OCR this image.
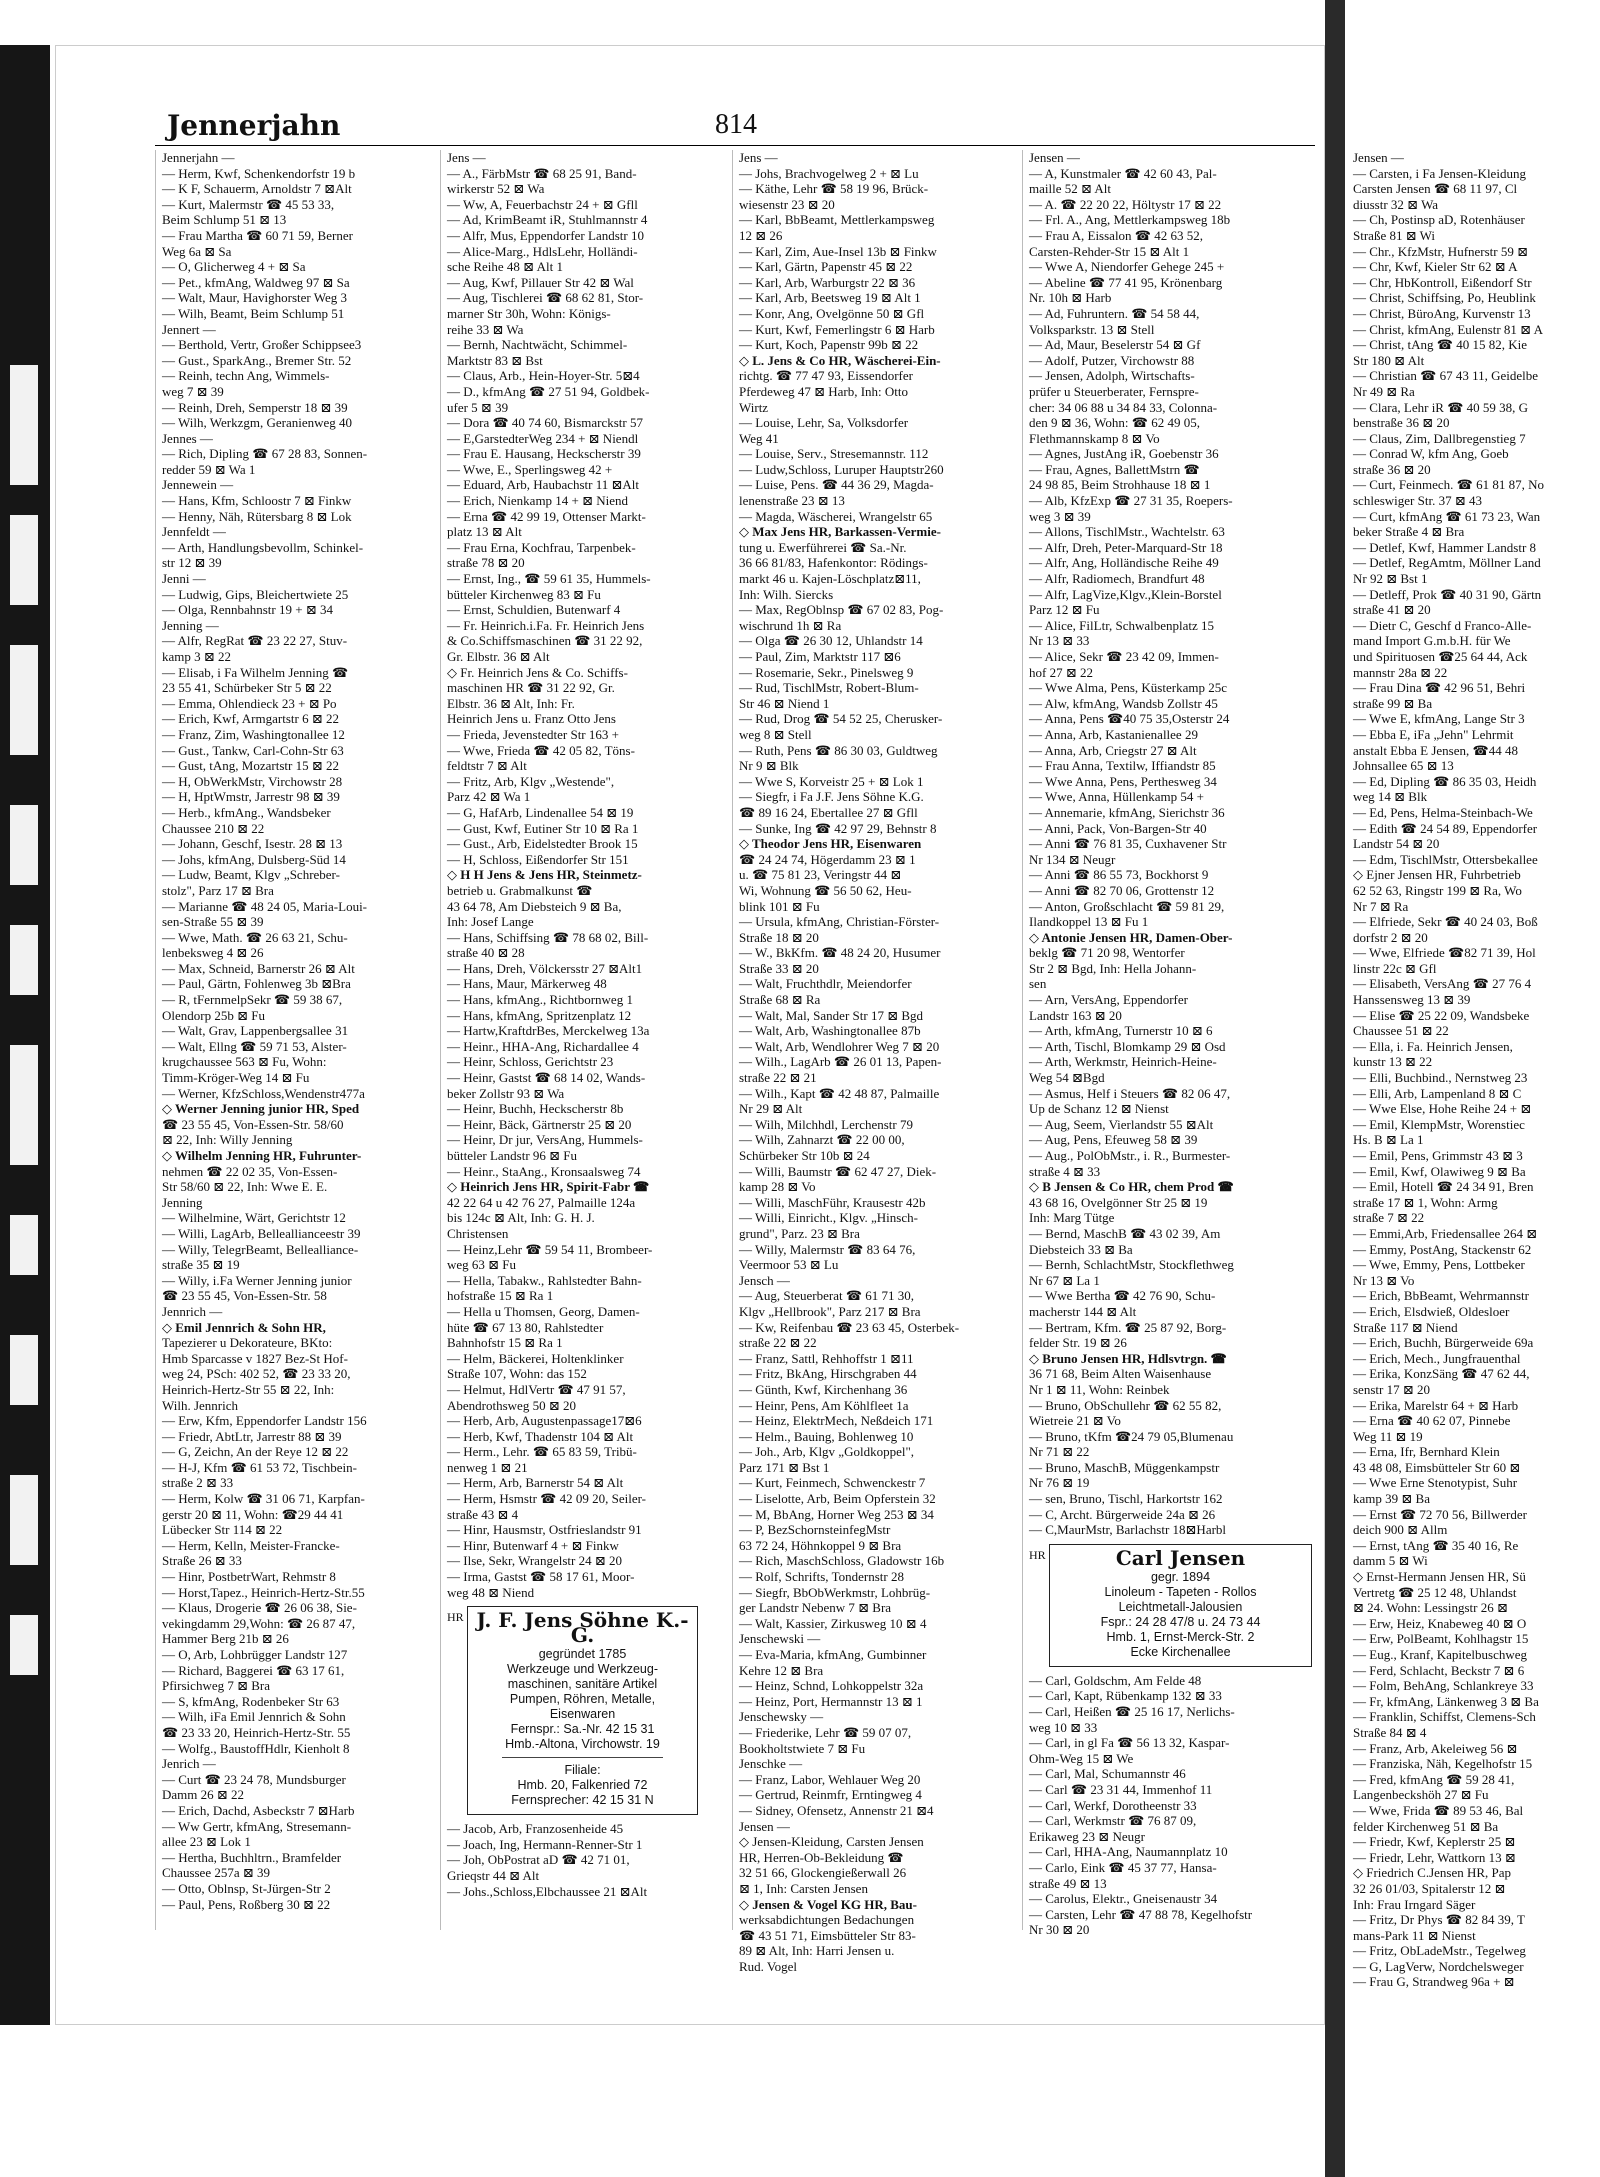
Jennerjahn	814

Jennerjahn —

— Herm, Kwf, Schenkendorfstr 19 b

— K F, Schauerm, Arnoldstr 7 ⊠Alt

— Kurt, Malermstr ☎ 45 53 33,

Beim Schlump 51 ⊠ 13

— Frau Martha ☎ 60 71 59, Berner

Weg 6a ⊠ Sa

— O, Glicherweg 4 + ⊠ Sa

— Pet., kfmAng, Waldweg 97 ⊠ Sa

— Walt, Maur, Havighorster Weg 3

— Wilh, Beamt, Beim Schlump 51

Jennert —

— Berthold, Vertr, Großer Schippsee3

— Gust., SparkAng., Bremer Str. 52

— Reinh, techn Ang, Wimmels-

weg 7 ⊠ 39

— Reinh, Dreh, Semperstr 18 ⊠ 39

— Wilh, Werkzgm, Geranienweg 40

Jennes —

— Rich, Dipling ☎ 67 28 83, Sonnen-

redder 59 ⊠ Wa 1

Jennewein —

— Hans, Kfm, Schloostr 7 ⊠ Finkw

— Henny, Näh, Rütersbarg 8 ⊠ Lok

Jennfeldt —

— Arth, Handlungsbevollm, Schinkel-

str 12 ⊠ 39

Jenni —

— Ludwig, Gips, Bleichertwiete 25

— Olga, Rennbahnstr 19 + ⊠ 34

Jenning —

— Alfr, RegRat ☎ 23 22 27, Stuv-

kamp 3 ⊠ 22

— Elisab, i Fa Wilhelm Jenning ☎

23 55 41, Schürbeker Str 5 ⊠ 22

— Emma, Ohlendieck 23 + ⊠ Po

— Erich, Kwf, Armgartstr 6 ⊠ 22

— Franz, Zim, Washingtonallee 12

— Gust., Tankw, Carl-Cohn-Str 63

— Gust, tAng, Mozartstr 15 ⊠ 22

— H, ObWerkMstr, Virchowstr 28

— H, HptWmstr, Jarrestr 98 ⊠ 39

— Herb., kfmAng., Wandsbeker

Chaussee 210 ⊠ 22

— Johann, Geschf, Isestr. 28 ⊠ 13

— Johs, kfmAng, Dulsberg-Süd 14

— Ludw, Beamt, Klgv „Schreber-

stolz", Parz 17 ⊠ Bra

— Marianne ☎ 48 24 05, Maria-Loui-

sen-Straße 55 ⊠ 39

— Wwe, Math. ☎ 26 63 21, Schu-

lenbeksweg 4 ⊠ 26

— Max, Schneid, Barnerstr 26 ⊠ Alt

— Paul, Gärtn, Fohlenweg 3b ⊠Bra

— R, tFernmelpSekr ☎ 59 38 67,

Olendorp 25b ⊠ Fu

— Walt, Grav, Lappenbergsallee 31

— Walt, Ellng ☎ 59 71 53, Alster-

krugchaussee 563 ⊠ Fu, Wohn:

Timm-Kröger-Weg 14 ⊠ Fu

— Werner, KfzSchloss,Wendenstr477a

◇ Werner Jenning junior HR, Sped

☎ 23 55 45, Von-Essen-Str. 58/60

⊠ 22, Inh: Willy Jenning

◇ Wilhelm Jenning HR, Fuhrunter-

nehmen ☎ 22 02 35, Von-Essen-

Str 58/60 ⊠ 22, Inh: Wwe E. E.

Jenning

— Wilhelmine, Wärt, Gerichtstr 12

— Willi, LagArb, Belleallianceestr 39

— Willy, TelegrBeamt, Bellealliance-

straße 35 ⊠ 19

— Willy, i.Fa Werner Jenning junior

☎ 23 55 45, Von-Essen-Str. 58

Jennrich —

◇ Emil Jennrich & Sohn HR,

Tapezierer u Dekorateure, BKto:

Hmb Sparcasse v 1827 Bez-St Hof-

weg 24, PSch: 402 52, ☎ 23 33 20,

Heinrich-Hertz-Str 55 ⊠ 22, Inh:

Wilh. Jennrich

— Erw, Kfm, Eppendorfer Landstr 156

— Friedr, AbtLtr, Jarrestr 88 ⊠ 39

— G, Zeichn, An der Reye 12 ⊠ 22

— H-J, Kfm ☎ 61 53 72, Tischbein-

straße 2 ⊠ 33

— Herm, Kolw ☎ 31 06 71, Karpfan-

gerstr 20 ⊠ 11, Wohn: ☎29 44 41

Lübecker Str 114 ⊠ 22

— Herm, Kelln, Meister-Francke-

Straße 26 ⊠ 33

— Hinr, PostbetrWart, Rehmstr 8

— Horst,Tapez., Heinrich-Hertz-Str.55

— Klaus, Drogerie ☎ 26 06 38, Sie-

vekingdamm 29,Wohn: ☎ 26 87 47,

Hammer Berg 21b ⊠ 26

— O, Arb, Lohbrügger Landstr 127

— Richard, Baggerei ☎ 63 17 61,

Pfirsichweg 7 ⊠ Bra

— S, kfmAng, Rodenbeker Str 63

— Wilh, iFa Emil Jennrich & Sohn

☎ 23 33 20, Heinrich-Hertz-Str. 55

— Wolfg., BaustoffHdlr, Kienholt 8

Jenrich —

— Curt ☎ 23 24 78, Mundsburger

Damm 26 ⊠ 22

— Erich, Dachd, Asbeckstr 7 ⊠Harb

— Ww Gertr, kfmAng, Stresemann-

allee 23 ⊠ Lok 1

— Hertha, Buchhltrn., Bramfelder

Chaussee 257a ⊠ 39

— Otto, Oblnsp, St-Jürgen-Str 2

— Paul, Pens, Roßberg 30 ⊠ 22

Jens —

— A., FärbMstr ☎ 68 25 91, Band-

wirkerstr 52 ⊠ Wa

— Ww, A, Feuerbachstr 24 + ⊠ Gfll

— Ad, KrimBeamt iR, Stuhlmannstr 4

— Alfr, Mus, Eppendorfer Landstr 10

— Alice-Marg., HdlsLehr, Holländi-

sche Reihe 48 ⊠ Alt 1

— Aug, Kwf, Pillauer Str 42 ⊠ Wal

— Aug, Tischlerei ☎ 68 62 81, Stor-

marner Str 30h, Wohn: Königs-

reihe 33 ⊠ Wa

— Bernh, Nachtwächt, Schimmel-

Marktstr 83 ⊠ Bst

— Claus, Arb., Hein-Hoyer-Str. 5⊠4

— D., kfmAng ☎ 27 51 94, Goldbek-

ufer 5 ⊠ 39

— Dora ☎ 40 74 60, Bismarckstr 57

— E,GarstedterWeg 234 + ⊠ Niendl

— Frau E. Hausang, Heckscherstr 39

— Wwe, E., Sperlingsweg 42 +

— Eduard, Arb, Haubachstr 11 ⊠Alt

— Erich, Nienkamp 14 + ⊠ Niend

— Erna ☎ 42 99 19, Ottenser Markt-

platz 13 ⊠ Alt

— Frau Erna, Kochfrau, Tarpenbek-

straße 78 ⊠ 20

— Ernst, Ing., ☎ 59 61 35, Hummels-

bütteler Kirchenweg 83 ⊠ Fu

— Ernst, Schuldien, Butenwarf 4

— Fr. Heinrich.i.Fa. Fr. Heinrich Jens

& Co.Schiffsmaschinen ☎ 31 22 92,

Gr. Elbstr. 36 ⊠ Alt

◇ Fr. Heinrich Jens & Co. Schiffs-

maschinen HR ☎ 31 22 92, Gr.

Elbstr. 36 ⊠ Alt, Inh: Fr.

Heinrich Jens u. Franz Otto Jens

— Frieda, Jevenstedter Str 163 +

— Wwe, Frieda ☎ 42 05 82, Töns-

feldtstr 7 ⊠ Alt

— Fritz, Arb, Klgv „Westende",

Parz 42 ⊠ Wa 1

— G, HafArb, Lindenallee 54 ⊠ 19

— Gust, Kwf, Eutiner Str 10 ⊠ Ra 1

— Gust., Arb, Eidelstedter Brook 15

— H, Schloss, Eißendorfer Str 151

◇ H H Jens & Jens HR, Steinmetz-

betrieb u. Grabmalkunst ☎

43 64 78, Am Diebsteich 9 ⊠ Ba,

Inh: Josef Lange

— Hans, Schiffsing ☎ 78 68 02, Bill-

straße 40 ⊠ 28

— Hans, Dreh, Völckersstr 27 ⊠Alt1

— Hans, Maur, Märkerweg 48

— Hans, kfmAng., Richtbornweg 1

— Hans, kfmAng, Spritzenplatz 12

— Hartw,KraftdrBes, Merckelweg 13a

— Heinr., HHA-Ang, Richardallee 4

— Heinr, Schloss, Gerichtstr 23

— Heinr, Gastst ☎ 68 14 02, Wands-

beker Zollstr 93 ⊠ Wa

— Heinr, Buchh, Heckscherstr 8b

— Heinr, Bäck, Gärtnerstr 25 ⊠ 20

— Heinr, Dr jur, VersAng, Hummels-

bütteler Landstr 96 ⊠ Fu

— Heinr., StaAng., Kronsaalsweg 74

◇ Heinrich Jens HR, Spirit-Fabr ☎

42 22 64 u 42 76 27, Palmaille 124a

bis 124c ⊠ Alt, Inh: G. H. J.

Christensen

— Heinz,Lehr ☎ 59 54 11, Brombeer-

weg 63 ⊠ Fu

— Hella, Tabakw., Rahlstedter Bahn-

hofstraße 15 ⊠ Ra 1

— Hella u Thomsen, Georg, Damen-

hüte ☎ 67 13 80, Rahlstedter

Bahnhofstr 15 ⊠ Ra 1

— Helm, Bäckerei, Holtenklinker

Straße 107, Wohn: das 152

— Helmut, HdlVertr ☎ 47 91 57,

Abendrothsweg 50 ⊠ 20

— Herb, Arb, Augustenpassage17⊠6

— Herb, Kwf, Thadenstr 104 ⊠ Alt

— Herm., Lehr. ☎ 65 83 59, Tribü-

nenweg 1 ⊠ 21

— Herm, Arb, Barnerstr 54 ⊠ Alt

— Herm, Hsmstr ☎ 42 09 20, Seiler-

straße 43 ⊠ 4

— Hinr, Hausmstr, Ostfrieslandstr 91

— Hinr, Butenwarf 4 + ⊠ Finkw

— Ilse, Sekr, Wrangelstr 24 ⊠ 20

— Irma, Gastst ☎ 58 17 61, Moor-

weg 48 ⊠ Niend

HR J. F. Jens Söhne K.-G.
gegründet 1785
Werkzeuge und Werkzeug-
maschinen, sanitäre Artikel
Pumpen, Röhren, Metalle,
Eisenwaren
Fernspr.: Sa.-Nr. 42 15 31
Hmb.-Altona, Virchowstr. 19
Filiale:
Hmb. 20, Falkenried 72
Fernsprecher: 42 15 31 N

— Jacob, Arb, Franzosenheide 45

— Joach, Ing, Hermann-Renner-Str 1

— Joh, ObPostrat aD ☎ 42 71 01,

Grieqstr 44 ⊠ Alt

— Johs.,Schloss,Elbchaussee 21 ⊠Alt

Jens —

— Johs, Brachvogelweg 2 + ⊠ Lu

— Käthe, Lehr ☎ 58 19 96, Brück-

wiesenstr 23 ⊠ 20

— Karl, BbBeamt, Mettlerkampsweg

12 ⊠ 26

— Karl, Zim, Aue-Insel 13b ⊠ Finkw

— Karl, Gärtn, Papenstr 45 ⊠ 22

— Karl, Arb, Warburgstr 22 ⊠ 36

— Karl, Arb, Beetsweg 19 ⊠ Alt 1

— Konr, Ang, Ovelgönne 50 ⊠ Gfl

— Kurt, Kwf, Femerlingstr 6 ⊠ Harb

— Kurt, Koch, Papenstr 99b ⊠ 22

◇ L. Jens & Co HR, Wäscherei-Ein-

richtg. ☎ 77 47 93, Eissendorfer

Pferdeweg 47 ⊠ Harb, Inh: Otto

Wirtz

— Louise, Lehr, Sa, Volksdorfer

Weg 41

— Louise, Serv., Stresemannstr. 112

— Ludw,Schloss, Luruper Hauptstr260

— Luise, Pens. ☎ 44 36 29, Magda-

lenenstraße 23 ⊠ 13

— Magda, Wäscherei, Wrangelstr 65

◇ Max Jens HR, Barkassen-Vermie-

tung u. Ewerführerei ☎ Sa.-Nr.

36 66 81/83, Hafenkontor: Rödings-

markt 46 u. Kajen-Löschplatz⊠11,

Inh: Wilh. Siercks

— Max, RegOblnsp ☎ 67 02 83, Pog-

wischrund 1h ⊠ Ra

— Olga ☎ 26 30 12, Uhlandstr 14

— Paul, Zim, Marktstr 117 ⊠6

— Rosemarie, Sekr., Pinelsweg 9

— Rud, TischlMstr, Robert-Blum-

Str 46 ⊠ Niend 1

— Rud, Drog ☎ 54 52 25, Cherusker-

weg 8 ⊠ Stell

— Ruth, Pens ☎ 86 30 03, Guldtweg

Nr 9 ⊠ Blk

— Wwe S, Korveistr 25 + ⊠ Lok 1

— Siegfr, i Fa J.F. Jens Söhne K.G.

☎ 89 16 24, Ebertallee 27 ⊠ Gfll

— Sunke, Ing ☎ 42 97 29, Behnstr 8

◇ Theodor Jens HR, Eisenwaren

☎ 24 24 74, Högerdamm 23 ⊠ 1

u. ☎ 75 81 23, Veringstr 44 ⊠

Wi, Wohnung ☎ 56 50 62, Heu-

blink 101 ⊠ Fu

— Ursula, kfmAng, Christian-Förster-

Straße 18 ⊠ 20

— W., BkKfm. ☎ 48 24 20, Husumer

Straße 33 ⊠ 20

— Walt, Fruchthdlr, Meiendorfer

Straße 68 ⊠ Ra

— Walt, Mal, Sander Str 17 ⊠ Bgd

— Walt, Arb, Washingtonallee 87b

— Walt, Arb, Wendlohrer Weg 7 ⊠ 20

— Wilh., LagArb ☎ 26 01 13, Papen-

straße 22 ⊠ 21

— Wilh., Kapt ☎ 42 48 87, Palmaille

Nr 29 ⊠ Alt

— Wilh, Milchhdl, Lerchenstr 79

— Wilh, Zahnarzt ☎ 22 00 00,

Schürbeker Str 10b ⊠ 24

— Willi, Baumstr ☎ 62 47 27, Diek-

kamp 28 ⊠ Vo

— Willi, MaschFühr, Krausestr 42b

— Willi, Einricht., Klgv. „Hinsch-

grund", Parz. 23 ⊠ Bra

— Willy, Malermstr ☎ 83 64 76,

Veermoor 53 ⊠ Lu

Jensch —

— Aug, Steuerberat ☎ 61 71 30,

Klgv „Hellbrook", Parz 217 ⊠ Bra

— Kw, Reifenbau ☎ 23 63 45, Osterbek-

straße 22 ⊠ 22

— Franz, Sattl, Rehhoffstr 1 ⊠11

— Fritz, BkAng, Hirschgraben 44

— Günth, Kwf, Kirchenhang 36

— Heinr, Pens, Am Köhlfleet 1a

— Heinz, ElektrMech, Neßdeich 171

— Helm., Bauing, Bohlenweg 10

— Joh., Arb, Klgv „Goldkoppel",

Parz 171 ⊠ Bst 1

— Kurt, Feinmech, Schwenckestr 7

— Liselotte, Arb, Beim Opferstein 32

— M, BbAng, Horner Weg 253 ⊠ 34

— P, BezSchornsteinfegMstr

63 72 24, Höhnkoppel 9 ⊠ Bra

— Rich, MaschSchloss, Gladowstr 16b

— Rolf, Schrifts, Tondernstr 28

— Siegfr, BbObWerkmstr, Lohbrüg-

ger Landstr Nebenw 7 ⊠ Bra

— Walt, Kassier, Zirkusweg 10 ⊠ 4

Jenschewski —

— Eva-Maria, kfmAng, Gumbinner

Kehre 12 ⊠ Bra

— Heinz, Schnd, Lohkoppelstr 32a

— Heinz, Port, Hermannstr 13 ⊠ 1

Jenschewsky —

— Friederike, Lehr ☎ 59 07 07,

Bookholtstwiete 7 ⊠ Fu

Jenschke —

— Franz, Labor, Wehlauer Weg 20

— Gertrud, Reinmfr, Erntingweg 4

— Sidney, Ofensetz, Annenstr 21 ⊠4

Jensen —

◇ Jensen-Kleidung, Carsten Jensen

HR, Herren-Ob-Bekleidung ☎

32 51 66, Glockengießerwall 26

⊠ 1, Inh: Carsten Jensen

◇ Jensen & Vogel KG HR, Bau-

werksabdichtungen Bedachungen

☎ 43 51 71, Eimsbütteler Str 83-

89 ⊠ Alt, Inh: Harri Jensen u.

Rud. Vogel

Jensen —

— A, Kunstmaler ☎ 42 60 43, Pal-

maille 52 ⊠ Alt

— A. ☎ 22 20 22, Höltystr 17 ⊠ 22

— Frl. A., Ang, Mettlerkampsweg 18b

— Frau A, Eissalon ☎ 42 63 52,

Carsten-Rehder-Str 15 ⊠ Alt 1

— Wwe A, Niendorfer Gehege 245 +

— Abeline ☎ 77 41 95, Krönenbarg

Nr. 10h ⊠ Harb

— Ad, Fuhruntern. ☎ 54 58 44,

Volksparkstr. 13 ⊠ Stell

— Ad, Maur, Beselerstr 54 ⊠ Gf

— Adolf, Putzer, Virchowstr 88

— Jensen, Adolph, Wirtschafts-

prüfer u Steuerberater, Fernspre-

cher: 34 06 88 u 34 84 33, Colonna-

den 9 ⊠ 36, Wohn: ☎ 62 49 05,

Flethmannskamp 8 ⊠ Vo

— Agnes, JustAng iR, Goebenstr 36

— Frau, Agnes, BallettMstrn ☎

24 98 85, Beim Strohhause 18 ⊠ 1

— Alb, KfzExp ☎ 27 31 35, Roepers-

weg 3 ⊠ 39

— Allons, TischlMstr., Wachtelstr. 63

— Alfr, Dreh, Peter-Marquard-Str 18

— Alfr, Ang, Holländische Reihe 49

— Alfr, Radiomech, Brandfurt 48

— Alfr, LagVize,Klgv.,Klein-Borstel

Parz 12 ⊠ Fu

— Alice, FilLtr, Schwalbenplatz 15

Nr 13 ⊠ 33

— Alice, Sekr ☎ 23 42 09, Immen-

hof 27 ⊠ 22

— Wwe Alma, Pens, Küsterkamp 25c

— Alw, kfmAng, Wandsb Zollstr 45

— Anna, Pens ☎40 75 35,Osterstr 24

— Anna, Arb, Kastanienallee 29

— Anna, Arb, Criegstr 27 ⊠ Alt

— Frau Anna, Textilw, Iffiandstr 85

— Wwe Anna, Pens, Perthesweg 34

— Wwe, Anna, Hüllenkamp 54 +

— Annemarie, kfmAng, Sierichstr 36

— Anni, Pack, Von-Bargen-Str 40

— Anni ☎ 76 81 35, Cuxhavener Str

Nr 134 ⊠ Neugr

— Anni ☎ 86 55 73, Bockhorst 9

— Anni ☎ 82 70 06, Grottenstr 12

— Anton, Großschlacht ☎ 59 81 29,

Ilandkoppel 13 ⊠ Fu 1

◇ Antonie Jensen HR, Damen-Ober-

beklg ☎ 71 20 98, Wentorfer

Str 2 ⊠ Bgd, Inh: Hella Johann-

sen

— Arn, VersAng, Eppendorfer

Landstr 163 ⊠ 20

— Arth, kfmAng, Turnerstr 10 ⊠ 6

— Arth, Tischl, Blomkamp 29 ⊠ Osd

— Arth, Werkmstr, Heinrich-Heine-

Weg 54 ⊠Bgd

— Asmus, Helf i Steuers ☎ 82 06 47,

Up de Schanz 12 ⊠ Nienst

— Aug, Seem, Vierlandstr 55 ⊠Alt

— Aug, Pens, Efeuweg 58 ⊠ 39

— Aug., PolObMstr., i. R., Burmester-

straße 4 ⊠ 33

◇ B Jensen & Co HR, chem Prod ☎

43 68 16, Ovelgönner Str 25 ⊠ 19

Inh: Marg Tütge

— Bernd, MaschB ☎ 43 02 39, Am

Diebsteich 33 ⊠ Ba

— Bernh, SchlachtMstr, Stockflethweg

Nr 67 ⊠ La 1

— Wwe Bertha ☎ 42 76 90, Schu-

macherstr 144 ⊠ Alt

— Bertram, Kfm. ☎ 25 87 92, Borg-

felder Str. 19 ⊠ 26

◇ Bruno Jensen HR, Hdlsvtrgn. ☎

36 71 68, Beim Alten Waisenhause

Nr 1 ⊠ 11, Wohn: Reinbek

— Bruno, ObSchullehr ☎ 62 55 82,

Wietreie 21 ⊠ Vo

— Bruno, tKfm ☎24 79 05,Blumenau

Nr 71 ⊠ 22

— Bruno, MaschB, Müggenkampstr

Nr 76 ⊠ 19

— sen, Bruno, Tischl, Harkortstr 162

— C, Archt. Bürgerweide 24a ⊠ 26

— C,MaurMstr, Barlachstr 18⊠Harbl

HR	Carl Jensen
gegr. 1894
Linoleum - Tapeten - Rollos
Leichtmetall-Jalousien
Fspr.: 24 28 47/8 u. 24 73 44
Hmb. 1, Ernst-Merck-Str. 2
Ecke Kirchenallee

— Carl, Goldschm, Am Felde 48

— Carl, Kapt, Rübenkamp 132 ⊠ 33

— Carl, Heißen ☎ 25 16 17, Nerlichs-

weg 10 ⊠ 33

— Carl, in gl Fa ☎ 56 13 32, Kaspar-

Ohm-Weg 15 ⊠ We

— Carl, Mal, Schumannstr 46

— Carl ☎ 23 31 44, Immenhof 11

— Carl, Werkf, Dorotheenstr 33

— Carl, Werkmstr ☎ 76 87 09,

Erikaweg 23 ⊠ Neugr

— Carl, HHA-Ang, Naumannplatz 10

— Carlo, Eink ☎ 45 37 77, Hansa-

straße 49 ⊠ 13

— Carolus, Elektr., Gneisenaustr 34

— Carsten, Lehr ☎ 47 88 78, Kegelhofstr

Nr 30 ⊠ 20

Jensen —

— Carsten, i Fa Jensen-Kleidung

Carsten Jensen ☎ 68 11 97, Cl

diusstr 32 ⊠ Wa

— Ch, Postinsp aD, Rotenhäuser

Straße 81 ⊠ Wi

— Chr., KfzMstr, Hufnerstr 59 ⊠

— Chr, Kwf, Kieler Str 62 ⊠ A

— Chr, HbKontroll, Eißendorf Str

— Christ, Schiffsing, Po, Heublink

— Christ, BüroAng, Kurvenstr 13

— Christ, kfmAng, Eulenstr 81 ⊠ A

— Christ, tAng ☎ 40 15 82, Kie

Str 180 ⊠ Alt

— Christian ☎ 67 43 11, Geidelbe

Nr 49 ⊠ Ra

— Clara, Lehr iR ☎ 40 59 38, G

benstraße 36 ⊠ 20

— Claus, Zim, Dallbregenstieg 7

— Conrad W, kfm Ang, Goeb

straße 36 ⊠ 20

— Curt, Feinmech. ☎ 61 81 87, No

schleswiger Str. 37 ⊠ 43

— Curt, kfmAng ☎ 61 73 23, Wan

beker Straße 4 ⊠ Bra

— Detlef, Kwf, Hammer Landstr 8

— Detlef, RegAmtm, Möllner Land

Nr 92 ⊠ Bst 1

— Detleff, Prok ☎ 40 31 90, Gärtn

straße 41 ⊠ 20

— Dietr C, Geschf d Franco-Alle-

mand Import G.m.b.H. für We

und Spirituosen ☎25 64 44, Ack

mannstr 28a ⊠ 22

— Frau Dina ☎ 42 96 51, Behri

straße 99 ⊠ Ba

— Wwe E, kfmAng, Lange Str 3

— Ebba E, iFa „Jehn" Lehrmit

anstalt Ebba E Jensen, ☎44 48

Johnsallee 65 ⊠ 13

— Ed, Dipling ☎ 86 35 03, Heidh

weg 14 ⊠ Blk

— Ed, Pens, Helma-Steinbach-We

— Edith ☎ 24 54 89, Eppendorfer

Landstr 54 ⊠ 20

— Edm, TischlMstr, Ottersbekallee

◇ Ejner Jensen HR, Fuhrbetrieb

62 52 63, Ringstr 199 ⊠ Ra, Wo

Nr 7 ⊠ Ra

— Elfriede, Sekr ☎ 40 24 03, Boß

dorfstr 2 ⊠ 20

— Wwe, Elfriede ☎82 71 39, Hol

linstr 22c ⊠ Gfl

— Elisabeth, VersAng ☎ 27 76 4

Hanssensweg 13 ⊠ 39

— Elise ☎ 25 22 09, Wandsbeke

Chaussee 51 ⊠ 22

— Ella, i. Fa. Heinrich Jensen,

kunstr 13 ⊠ 22

— Elli, Buchbind., Nernstweg 23

— Elli, Arb, Lampenland 8 ⊠ C

— Wwe Else, Hohe Reihe 24 + ⊠

— Emil, KlempMstr, Worenstiec

Hs. B ⊠ La 1

— Emil, Pens, Grimmstr 43 ⊠ 3

— Emil, Kwf, Olawiweg 9 ⊠ Ba

— Emil, Hotell ☎ 24 34 91, Bren

straße 17 ⊠ 1, Wohn: Armg

straße 7 ⊠ 22

— Emmi,Arb, Friedensallee 264 ⊠

— Emmy, PostAng, Stackenstr 62

— Wwe, Emmy, Pens, Lottbeker

Nr 13 ⊠ Vo

— Erich, BbBeamt, Wehrmannstr

— Erich, Elsdwieß, Oldesloer

Straße 117 ⊠ Niend

— Erich, Buchh, Bürgerweide 69a

— Erich, Mech., Jungfrauenthal

— Erika, KonzSäng ☎ 47 62 44,

senstr 17 ⊠ 20

— Erika, Marelstr 64 + ⊠ Harb

— Erna ☎ 40 62 07, Pinnebe

Weg 11 ⊠ 19

— Erna, Ifr, Bernhard Klein

43 48 08, Eimsbütteler Str 60 ⊠

— Wwe Erne Stenotypist, Suhr

kamp 39 ⊠ Ba

— Ernst ☎ 72 70 56, Billwerder

deich 900 ⊠ Allm

— Ernst, tAng ☎ 35 40 16, Re

damm 5 ⊠ Wi

◇ Ernst-Hermann Jensen HR, Sü

Vertretg ☎ 25 12 48, Uhlandst

⊠ 24. Wohn: Lessingstr 26 ⊠

— Erw, Heiz, Knabeweg 40 ⊠ O

— Erw, PolBeamt, Kohlhagstr 15

— Eug., Kranf, Kapitelbuschweg

— Ferd, Schlacht, Beckstr 7 ⊠ 6

— Folm, BehAng, Schlankreye 33

— Fr, kfmAng, Länkenweg 3 ⊠ Ba

— Franklin, Schiffst, Clemens-Sch

Straße 84 ⊠ 4

— Franz, Arb, Akeleiweg 56 ⊠

— Franziska, Näh, Kegelhofstr 15

— Fred, kfmAng ☎ 59 28 41,

Langenbeckshöh 27 ⊠ Fu

— Wwe, Frida ☎ 89 53 46, Bal

felder Kirchenweg 51 ⊠ Ba

— Friedr, Kwf, Keplerstr 25 ⊠

— Friedr, Lehr, Wattkorn 13 ⊠

◇ Friedrich C.Jensen HR, Pap

32 26 01/03, Spitalerstr 12 ⊠

Inh: Frau Irngard Säger

— Fritz, Dr Phys ☎ 82 84 39, T

mans-Park 11 ⊠ Nienst

— Fritz, ObLadeMstr., Tegelweg

— G, LagVerw, Nordchelsweger

— Frau G, Strandweg 96a + ⊠
